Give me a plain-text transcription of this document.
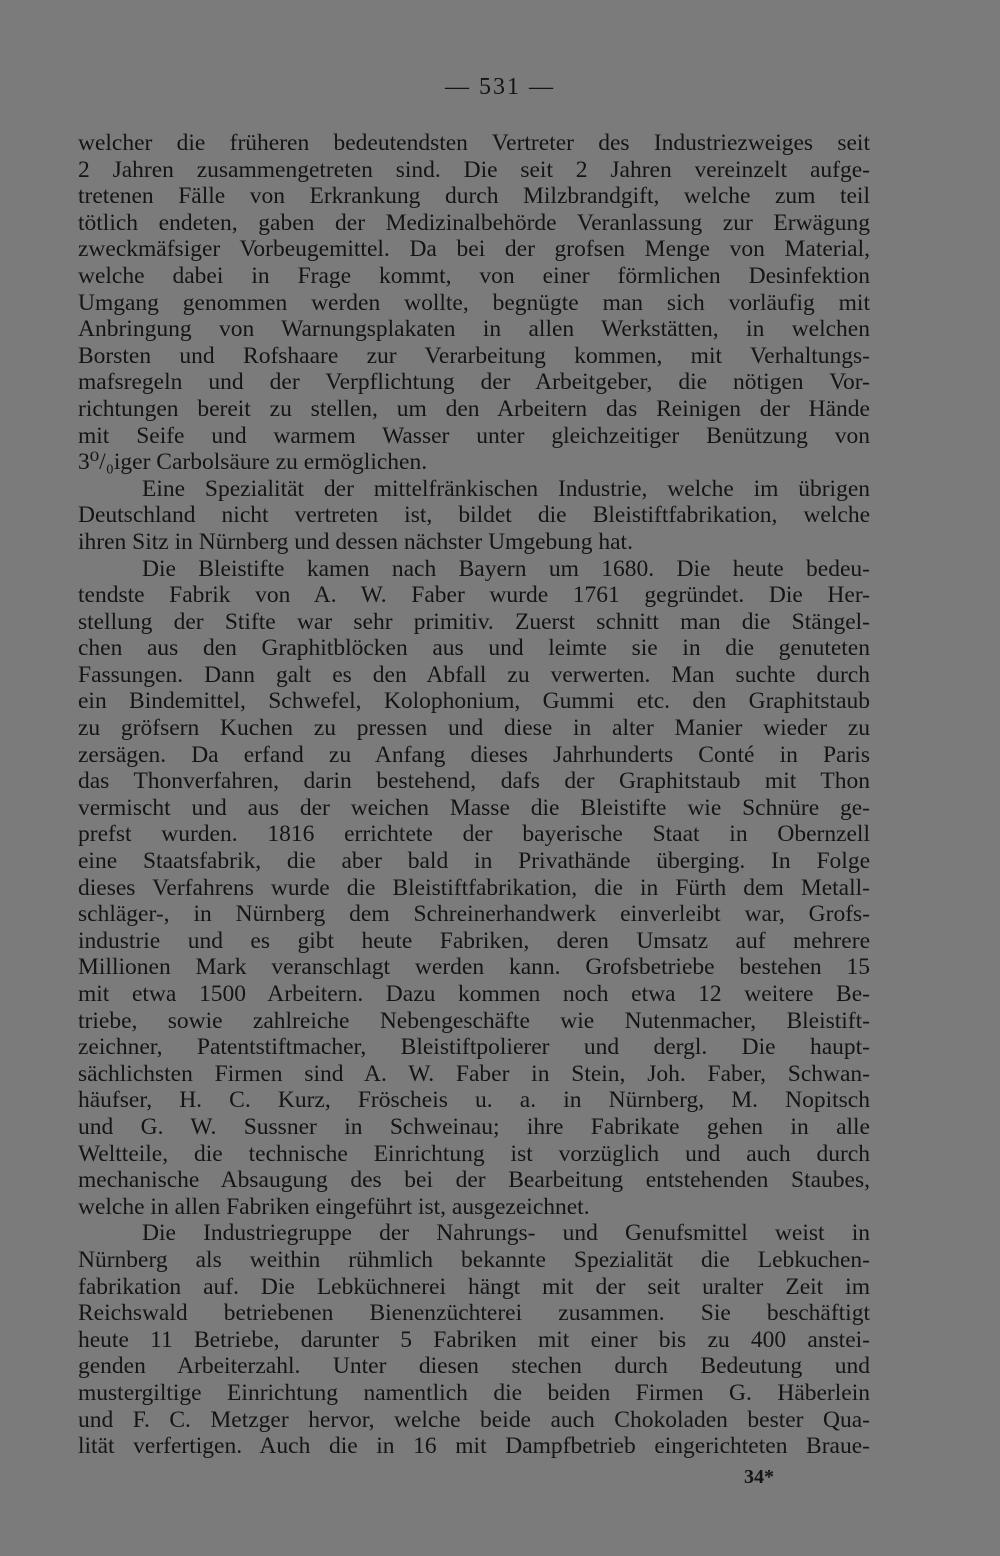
— 531 —
welcher die früheren bedeutendsten Vertreter des Industriezweiges seit
2 Jahren zusammengetreten sind. Die seit 2 Jahren vereinzelt aufge-
tretenen Fälle von Erkrankung durch Milzbrandgift, welche zum teil
tötlich endeten, gaben der Medizinalbehörde Veranlassung zur Erwägung
zweckmäfsiger Vorbeugemittel. Da bei der grofsen Menge von Material,
welche dabei in Frage kommt, von einer förmlichen Desinfektion
Umgang genommen werden wollte, begnügte man sich vorläufig mit
Anbringung von Warnungsplakaten in allen Werkstätten, in welchen
Borsten und Rofshaare zur Verarbeitung kommen, mit Verhaltungs-
mafsregeln und der Verpflichtung der Arbeitgeber, die nötigen Vor-
richtungen bereit zu stellen, um den Arbeitern das Reinigen der Hände
mit Seife und warmem Wasser unter gleichzeitiger Benützung von
3⁰/₀iger Carbolsäure zu ermöglichen.
Eine Spezialität der mittelfränkischen Industrie, welche im übrigen
Deutschland nicht vertreten ist, bildet die Bleistiftfabrikation, welche
ihren Sitz in Nürnberg und dessen nächster Umgebung hat.
Die Bleistifte kamen nach Bayern um 1680. Die heute bedeu-
tendste Fabrik von A. W. Faber wurde 1761 gegründet. Die Her-
stellung der Stifte war sehr primitiv. Zuerst schnitt man die Stängel-
chen aus den Graphitblöcken aus und leimte sie in die genuteten
Fassungen. Dann galt es den Abfall zu verwerten. Man suchte durch
ein Bindemittel, Schwefel, Kolophonium, Gummi etc. den Graphitstaub
zu gröfsern Kuchen zu pressen und diese in alter Manier wieder zu
zersägen. Da erfand zu Anfang dieses Jahrhunderts Conté in Paris
das Thonverfahren, darin bestehend, dafs der Graphitstaub mit Thon
vermischt und aus der weichen Masse die Bleistifte wie Schnüre ge-
prefst wurden. 1816 errichtete der bayerische Staat in Obernzell
eine Staatsfabrik, die aber bald in Privathände überging. In Folge
dieses Verfahrens wurde die Bleistiftfabrikation, die in Fürth dem Metall-
schläger-, in Nürnberg dem Schreinerhandwerk einverleibt war, Grofs-
industrie und es gibt heute Fabriken, deren Umsatz auf mehrere
Millionen Mark veranschlagt werden kann. Grofsbetriebe bestehen 15
mit etwa 1500 Arbeitern. Dazu kommen noch etwa 12 weitere Be-
triebe, sowie zahlreiche Nebengeschäfte wie Nutenmacher, Bleistift-
zeichner, Patentstiftmacher, Bleistiftpolierer und dergl. Die haupt-
sächlichsten Firmen sind A. W. Faber in Stein, Joh. Faber, Schwan-
häufser, H. C. Kurz, Fröscheis u. a. in Nürnberg, M. Nopitsch
und G. W. Sussner in Schweinau; ihre Fabrikate gehen in alle
Weltteile, die technische Einrichtung ist vorzüglich und auch durch
mechanische Absaugung des bei der Bearbeitung entstehenden Staubes,
welche in allen Fabriken eingeführt ist, ausgezeichnet.
Die Industriegruppe der Nahrungs- und Genufsmittel weist in
Nürnberg als weithin rühmlich bekannte Spezialität die Lebkuchen-
fabrikation auf. Die Lebküchnerei hängt mit der seit uralter Zeit im
Reichswald betriebenen Bienenzüchterei zusammen. Sie beschäftigt
heute 11 Betriebe, darunter 5 Fabriken mit einer bis zu 400 anstei-
genden Arbeiterzahl. Unter diesen stechen durch Bedeutung und
mustergiltige Einrichtung namentlich die beiden Firmen G. Häberlein
und F. C. Metzger hervor, welche beide auch Chokoladen bester Qua-
lität verfertigen. Auch die in 16 mit Dampfbetrieb eingerichteten Braue-
34*
